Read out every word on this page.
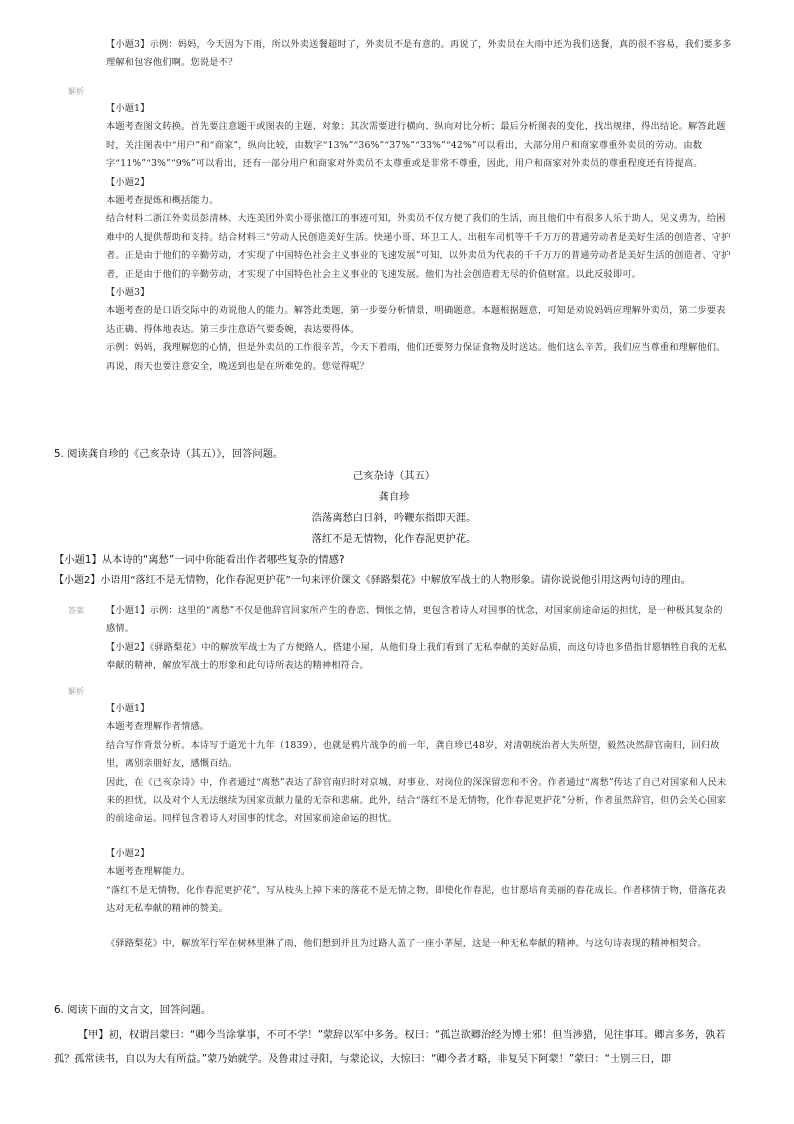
【小题3】示例：妈妈，今天因为下雨，所以外卖送餐超时了，外卖员不是有意的。再说了，外卖员在大雨中还为我们送餐，真的很不容易，我们要多多理解和包容他们啊。您说是不？
解析

【小题1】

本题考查图文转换。首先要注意题干或图表的主题、对象；其次需要进行横向、纵向对比分析；最后分析图表的变化，找出规律，得出结论。解答此题时，关注图表中“用户”和“商家”，纵向比较，由数字“13%”“36%”“37%”“33%”“42%”可以看出，大部分用户和商家尊重外卖员的劳动。由数字“11%”“3%”“9%”可以看出，还有一部分用户和商家对外卖员不太尊重或是非常不尊重，因此，用户和商家对外卖员的尊重程度还有待提高。

【小题2】

本题考查提炼和概括能力。

结合材料二浙江外卖员彭清林、大连美团外卖小哥张德江的事迹可知，外卖员不仅方便了我们的生活，而且他们中有很多人乐于助人，见义勇为，给困难中的人提供帮助和支持。结合材料三“劳动人民创造美好生活。快递小哥、环卫工人、出租车司机等千千万万的普通劳动者是美好生活的创造者、守护者。正是由于他们的辛勤劳动，才实现了中国特色社会主义事业的飞速发展”可知，以外卖员为代表的千千万万的普通劳动者是美好生活的创造者、守护者，正是由于他们的辛勤劳动，才实现了中国特色社会主义事业的飞速发展。他们为社会创造着无尽的价值财富。以此反驳即可。

【小题3】

本题考查的是口语交际中的劝说他人的能力。解答此类题，第一步要分析情景，明确题意。本题根据题意，可知是劝说妈妈应理解外卖员，第二步要表达正确、得体地表达。第三步注意语气要委婉，表达要得体。

示例：妈妈，我理解您的心情，但是外卖员的工作很辛苦，今天下着雨，他们还要努力保证食物及时送达。他们这么辛苦，我们应当尊重和理解他们。再说，雨天也要注意安全，晚送到也是在所难免的。您觉得呢？

5. 阅读龚自珍的《己亥杂诗（其五）》，回答问题。
己亥杂诗（其五）
龚自珍
浩荡离愁白日斜，吟鞭东指即天涯。
落红不是无情物，化作春泥更护花。
【小题1】从本诗的“离愁”一词中你能看出作者哪些复杂的情感?
【小题2】小语用“落红不是无情物，化作春泥更护花”一句来评价课文《驿路梨花》中解放军战士的人物形象。请你说说他引用这两句诗的理由。
答案 【小题1】示例：这里的“离愁”不仅是他辞官回家所产生的眷恋、惆怅之情，更包含着诗人对国事的忧念，对国家前途命运的担忧，是一种极其复杂的感情。

【小题2】《驿路梨花》中的解放军战士为了方便路人，搭建小屋，从他们身上我们看到了无私奉献的美好品质，而这句诗也多借指甘愿牺牲自我的无私奉献的精神，解放军战士的形象和此句诗所表达的精神相符合。

解析

【小题1】

本题考查理解作者情感。

结合写作背景分析。本诗写于道光十九年（1839），也就是鸦片战争的前一年，龚自珍已48岁，对清朝统治者大失所望，毅然决然辞官南归，回归故里，离别亲朋好友，感慨百结。

因此，在《己亥杂诗》中，作者通过“离愁”表达了辞官南归时对京城、对事业、对岗位的深深留恋和不舍。作者通过“离愁”传达了自己对国家和人民未来的担忧，以及对个人无法继续为国家贡献力量的无奈和悲痛。此外，结合“落红不是无情物，化作春泥更护花”分析，作者虽然辞官，但仍会关心国家的前途命运。同样包含着诗人对国事的忧念，对国家前途命运的担忧。

【小题2】

本题考查理解能力。

“落红不是无情物，化作春泥更护花”，写从枝头上掉下来的落花不是无情之物，即使化作春泥，也甘愿培育美丽的春花成长。作者移情于物，借落花表达对无私奉献的精神的赞美。

《驿路梨花》中，解放军行军在树林里淋了雨，他们想到并且为过路人盖了一座小茅屋，这是一种无私奉献的精神。与这句诗表现的精神相契合。
6. 阅读下面的文言文，回答问题。
【甲】初，权谓吕蒙曰：“卿今当涂掌事，不可不学！”蒙辞以军中多务。权曰：“孤岂欲卿治经为博士邪！但当涉猎，见往事耳。卿言多务，孰若孤？孤常读书，自以为大有所益。”蒙乃始就学。及鲁肃过寻阳，与蒙论议，大惊曰：“卿今者才略，非复吴下阿蒙！”蒙曰：“士别三日，即
